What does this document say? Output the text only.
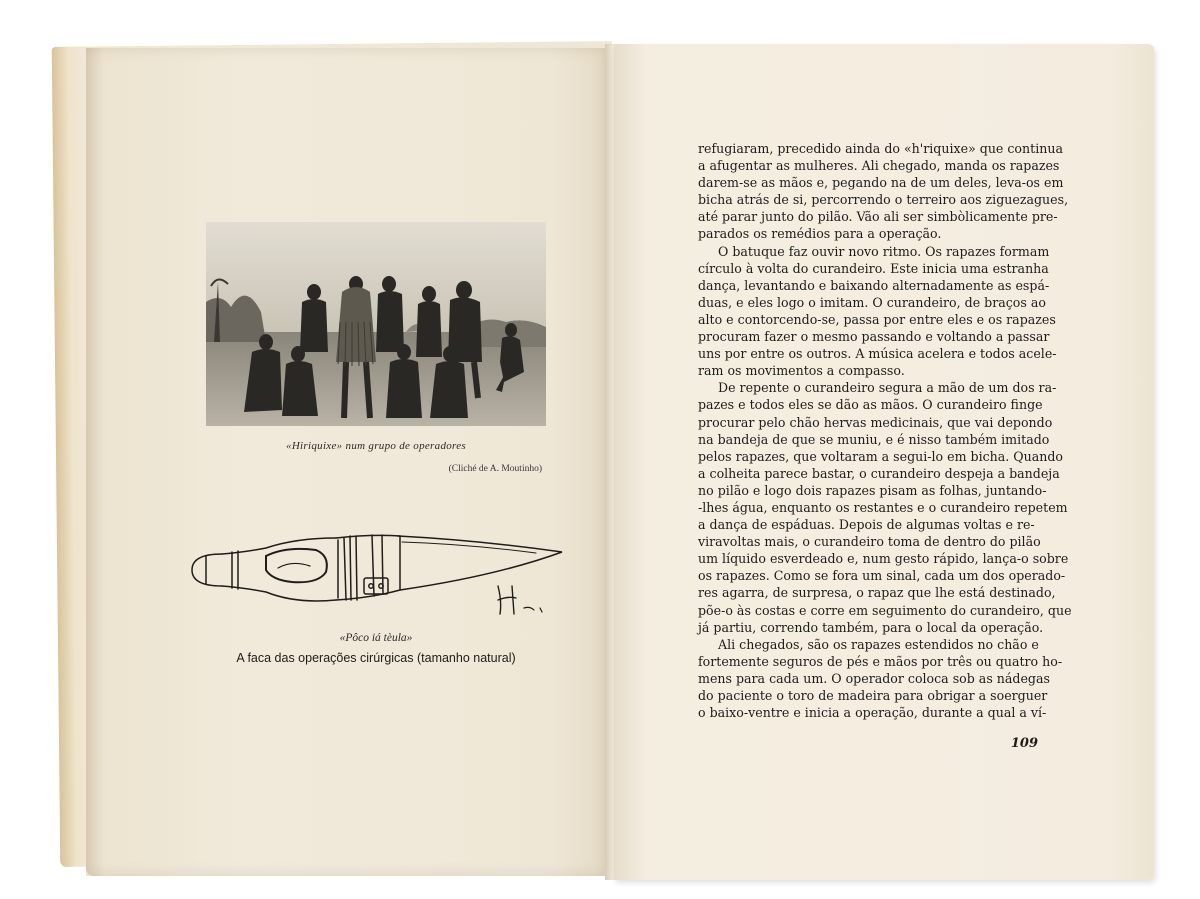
«Hiriquixe» num grupo de operadores
(Cliché de A. Moutinho)
«Pôco iá tèula»
A faca das operações cirúrgicas (tamanho natural)
refugiaram, precedido ainda do «h'riquixe» que continua
a afugentar as mulheres. Ali chegado, manda os rapazes
darem-se as mãos e, pegando na de um deles, leva-os em
bicha atrás de si, percorrendo o terreiro aos ziguezagues,
até parar junto do pilão. Vão ali ser simbòlicamente pre-
parados os remédios para a operação.
O batuque faz ouvir novo ritmo. Os rapazes formam
círculo à volta do curandeiro. Este inicia uma estranha
dança, levantando e baixando alternadamente as espá-
duas, e eles logo o imitam. O curandeiro, de braços ao
alto e contorcendo-se, passa por entre eles e os rapazes
procuram fazer o mesmo passando e voltando a passar
uns por entre os outros. A música acelera e todos acele-
ram os movimentos a compasso.
De repente o curandeiro segura a mão de um dos ra-
pazes e todos eles se dão as mãos. O curandeiro finge
procurar pelo chão hervas medicinais, que vai depondo
na bandeja de que se muniu, e é nisso também imitado
pelos rapazes, que voltaram a segui-lo em bicha. Quando
a colheita parece bastar, o curandeiro despeja a bandeja
no pilão e logo dois rapazes pisam as folhas, juntando-
-lhes água, enquanto os restantes e o curandeiro repetem
a dança de espáduas. Depois de algumas voltas e re-
viravoltas mais, o curandeiro toma de dentro do pilão
um líquido esverdeado e, num gesto rápido, lança-o sobre
os rapazes. Como se fora um sinal, cada um dos operado-
res agarra, de surpresa, o rapaz que lhe está destinado,
põe-o às costas e corre em seguimento do curandeiro, que
já partiu, correndo também, para o local da operação.
Ali chegados, são os rapazes estendidos no chão e
fortemente seguros de pés e mãos por três ou quatro ho-
mens para cada um. O operador coloca sob as nádegas
do paciente o toro de madeira para obrigar a soerguer
o baixo-ventre e inicia a operação, durante a qual a ví-
109
